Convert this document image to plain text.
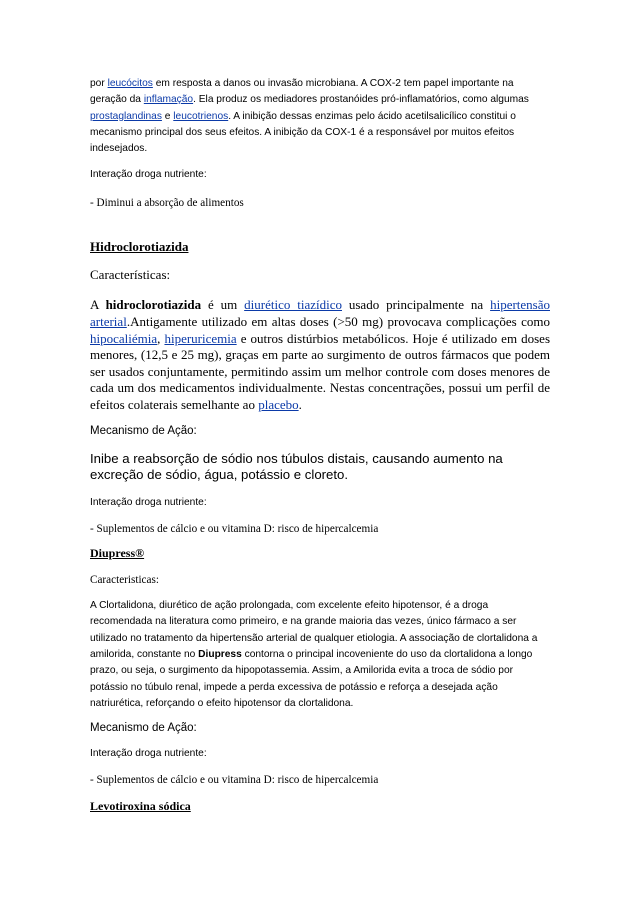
por leucócitos em resposta a danos ou invasão microbiana. A COX-2 tem papel importante na geração da inflamação. Ela produz os mediadores prostanóides pró-inflamatórios, como algumas prostaglandinas e leucotrienos. A inibição dessas enzimas pelo ácido acetilsalicílico constitui o mecanismo principal dos seus efeitos. A inibição da COX-1 é a responsável por muitos efeitos indesejados.

Interação droga nutriente:

- Diminui a absorção de alimentos

Hidroclorotiazida

Características:

A hidroclorotiazida é um diurético tiazídico usado principalmente na hipertensão arterial.Antigamente utilizado em altas doses (>50 mg) provocava complicações como hipocaliémia, hiperuricemia e outros distúrbios metabólicos. Hoje é utilizado em doses menores, (12,5 e 25 mg), graças em parte ao surgimento de outros fármacos que podem ser usados conjuntamente, permitindo assim um melhor controle com doses menores de cada um dos medicamentos individualmente. Nestas concentrações, possui um perfil de efeitos colaterais semelhante ao placebo.

Mecanismo de Ação:

Inibe a reabsorção de sódio nos túbulos distais, causando aumento na excreção de sódio, água, potássio e cloreto.

Interação droga nutriente:

- Suplementos de cálcio e ou vitamina D: risco de hipercalcemia

Diupress®

Caracteristicas:

A Clortalidona, diurético de ação prolongada, com excelente efeito hipotensor, é a droga recomendada na literatura como primeiro, e na grande maioria das vezes, único fármaco a ser utilizado no tratamento da hipertensão arterial de qualquer etiologia. A associação de clortalidona a amilorida, constante no Diupress contorna o principal incoveniente do uso da clortalidona a longo prazo, ou seja, o surgimento da hipopotassemia. Assim, a Amilorida evita a troca de sódio por potássio no túbulo renal, impede a perda excessiva de potássio e reforça a desejada ação natriurética, reforçando o efeito hipotensor da clortalidona.

Mecanismo de Ação:

Interação droga nutriente:

- Suplementos de cálcio e ou vitamina D: risco de hipercalcemia

Levotiroxina sódica
